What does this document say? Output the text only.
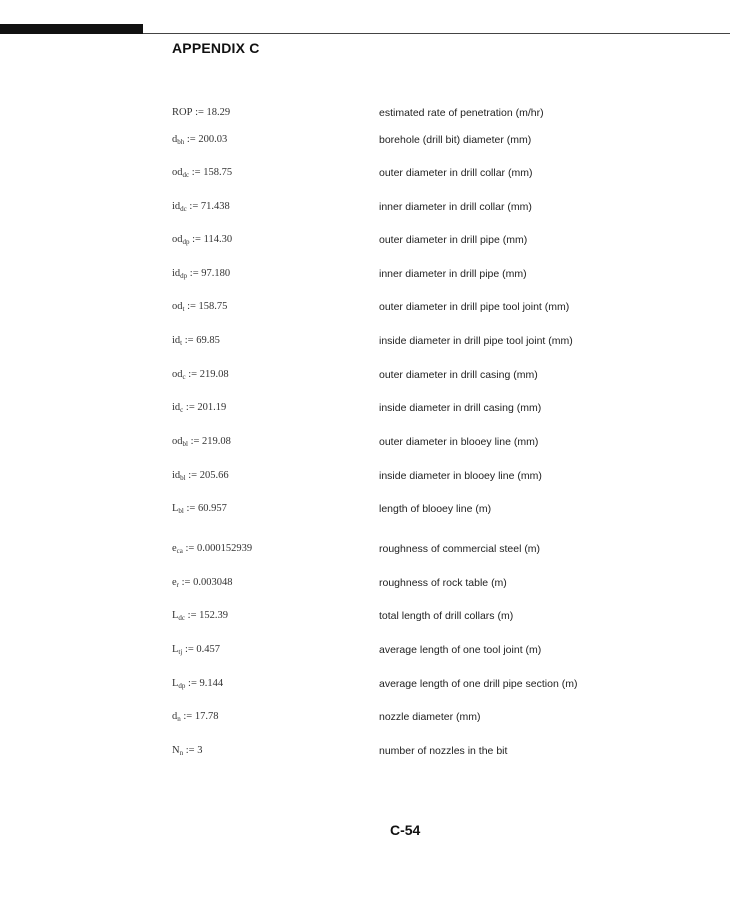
APPENDIX C
ROP := 18.29	estimated rate of penetration (m/hr)
$d_{bh}$ := 200.03	borehole (drill bit) diameter (mm)
$od_{dc}$ := 158.75	outer diameter in drill collar (mm)
$id_{dc}$ := 71.438	inner diameter in drill collar (mm)
$od_{dp}$ := 114.30	outer diameter in drill pipe (mm)
$id_{dp}$ := 97.180	inner diameter in drill pipe (mm)
$od_t$ := 158.75	outer diameter in drill pipe tool joint (mm)
$id_t$ := 69.85	inside diameter in drill pipe tool joint (mm)
$od_c$ := 219.08	outer diameter in drill casing (mm)
$id_c$ := 201.19	inside diameter in drill casing (mm)
$od_{bl}$ := 219.08	outer diameter in blooey line (mm)
$id_{bl}$ := 205.66	inside diameter in blooey line (mm)
$L_{bl}$ := 60.957	length of blooey line (m)
$e_{ca}$ := 0.000152939	roughness of commercial steel (m)
$e_r$ := 0.003048	roughness of rock table (m)
$L_{dc}$ := 152.39	total length of drill collars (m)
$L_{tj}$ := 0.457	average length of one tool joint (m)
$L_{dp}$ := 9.144	average length of one drill pipe section (m)
$d_n$ := 17.78	nozzle diameter (mm)
$N_n$ := 3	number of nozzles in the bit
C-54
